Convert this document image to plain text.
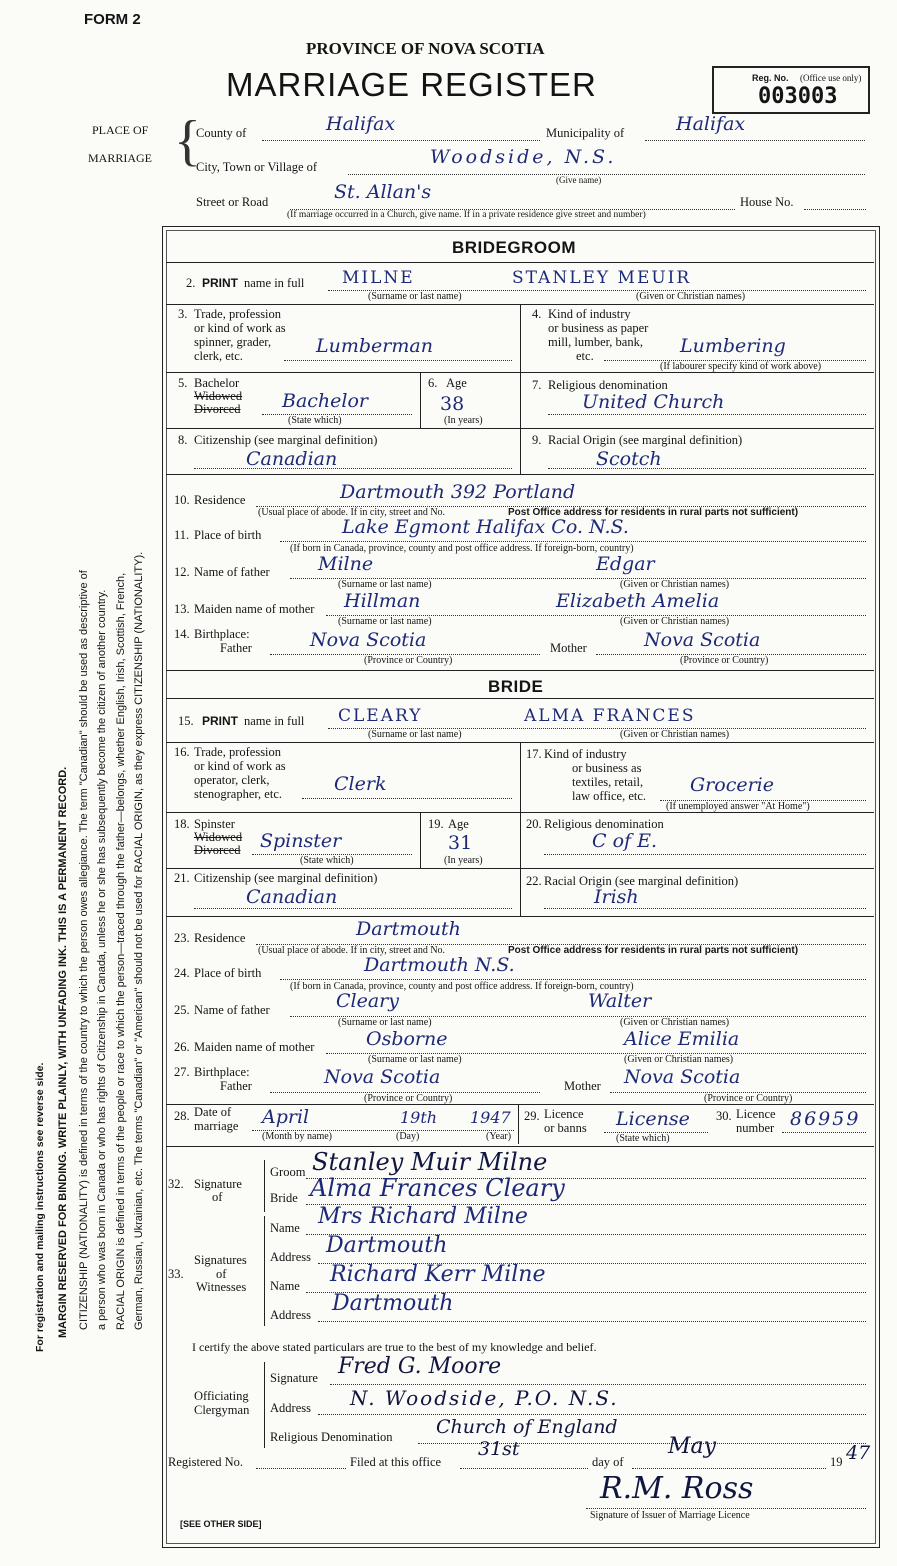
FORM 2
PROVINCE OF NOVA SCOTIA
MARRIAGE REGISTER	Reg. No. (Office use only)
003003
For registration and mailing instructions see reverse side. MARGIN RESERVED FOR BINDING. WRITE PLAINLY, WITH UNFADING INK. THIS IS A PERMANENT RECORD. CITIZENSHIP (NATIONALITY) is defined in terms of the country to which the person owes allegiance. The term "Canadian" should be used as descriptive of a person who was born in Canada or who has rights of Citizenship in Canada, unless he or she has subsequently become the citizen of another country. RACIAL ORIGIN is defined in terms of the people or race to which the person—traced through the father—belongs, whether English, Irish, Scottish, French, German, Russian, Ukrainian, etc. The terms "Canadian" or "American" should not be used for RACIAL ORIGIN, as they express CITIZENSHIP (NATIONALITY).
PLACE OF
MARRIAGE {
County of	Halifax	Municipality of	Halifax
City, Town or Village of	Woodside, N.S.
(Give name)
Street or Road	St. Allan's	House No.
(If marriage occurred in a Church, give name. If in a private residence give street and number)
BRIDEGROOM
2. PRINT name in full MILNE	STANLEY MEUIR
(Surname or last name)	(Given or Christian names)
3. Trade, profession
or kind of work as
spinner, grader,
clerk, etc.	Lumberman
4. Kind of industry
or business as paper
mill, lumber, bank,
etc.	Lumbering
(If labourer specify kind of work above)
5. Bachelor
Widowed
Divorced Bachelor
(State which)
6. Age
38
(In years)
7. Religious denomination
United Church
8. Citizenship (see marginal definition)
Canadian
9. Racial Origin (see marginal definition)
Scotch
10. Residence	Dartmouth 392 Portland
(Usual place of abode. If in city, street and No.	Post Office address for residents in rural parts not sufficient)
11. Place of birth	Lake Egmont Halifax Co. N.S.
(If born in Canada, province, county and post office address. If foreign-born, country)
12. Name of father	Milne	Edgar
(Surname or last name)	(Given or Christian names)
13. Maiden name of mother Hillman	Elizabeth Amelia
(Surname or last name)	(Given or Christian names)
14. Birthplace:
Father	Nova Scotia	Mother	Nova Scotia
(Province or Country)	(Province or Country)
BRIDE
15. PRINT name in full CLEARY	ALMA FRANCES
(Surname or last name)	(Given or Christian names)
16. Trade, profession
or kind of work as
operator, clerk,
stenographer, etc.	Clerk
17. Kind of industry
or business as
textiles, retail,
law office, etc. Grocerie
(If unemployed answer "At Home")
18. Spinster
Widowed
Divorced Spinster
(State which)
19. Age
31
(In years)
20. Religious denomination
C of E.
21. Citizenship (see marginal definition)
Canadian
22. Racial Origin (see marginal definition)
Irish
23. Residence	Dartmouth
(Usual place of abode. If in city, street and No.	Post Office address for residents in rural parts not sufficient)
24. Place of birth	Dartmouth N.S.
(If born in Canada, province, county and post office address. If foreign-born, country)
25. Name of father	Cleary	Walter
(Surname or last name)	(Given or Christian names)
26. Maiden name of mother	Osborne	Alice Emilia
(Surname or last name)	(Given or Christian names)
27. Birthplace:
Father	Nova Scotia	Mother Nova Scotia
(Province or Country)	(Province or Country)
28. Date of
marriage April	19th 1947
(Month by name)	(Day)	(Year)
29. Licence
or banns License
(State which)
30. Licence
number 86959
32. Signature
of
Groom Stanley Muir Milne
Bride Alma Frances Cleary
33.
Signatures
of
Witnesses
Name Mrs Richard Milne
Address Dartmouth
Name Richard Kerr Milne
Address Dartmouth
I certify the above stated particulars are true to the best of my knowledge and belief.
Officiating
Clergyman
Signature Fred G. Moore
Address N. Woodside, P.O. N.S.
Religious Denomination Church of England
Registered No.	Filed at this office
31st
day of
May
19 47
R.M. Ross
Signature of Issuer of Marriage Licence
[SEE OTHER SIDE]
